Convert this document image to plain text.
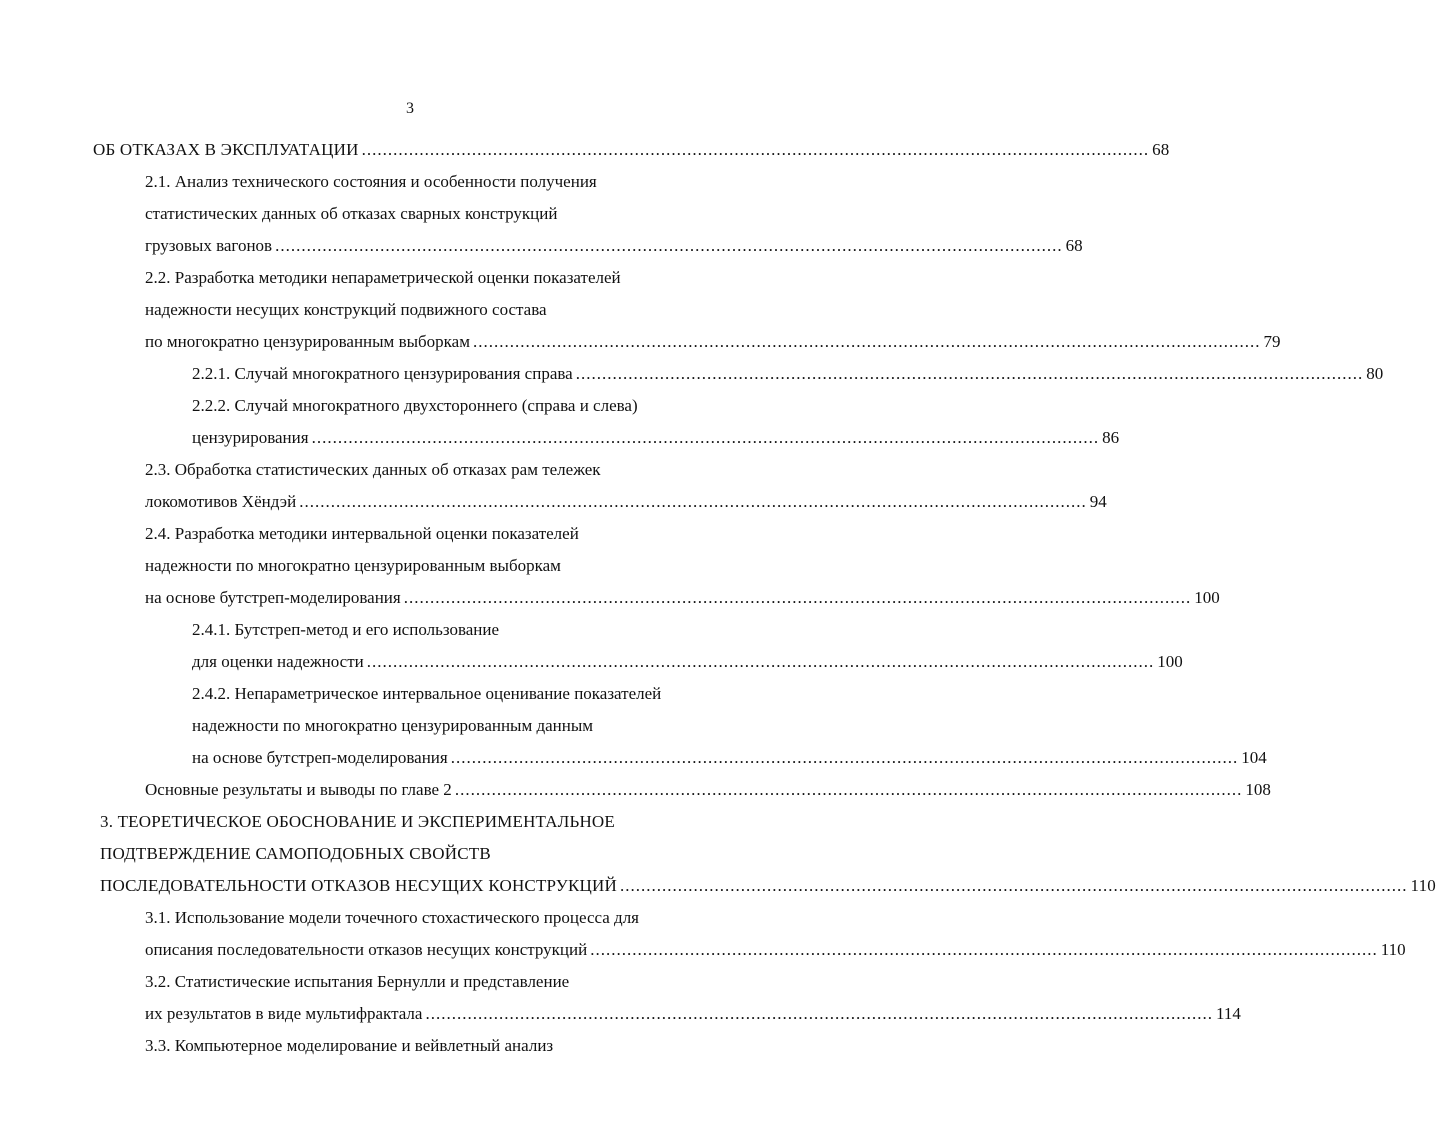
3
ОБ ОТКАЗАХ В ЭКСПЛУАТАЦИИ ...................................................................................................................................................... 68
2.1. Анализ технического состояния и особенности получения
статистических данных об отказах сварных конструкций
грузовых вагонов ...................................................................................................................................................... 68
2.2. Разработка методики непараметрической оценки показателей
надежности несущих конструкций подвижного состава
по многократно цензурированным выборкам ...................................................................................................................................................... 79
2.2.1. Случай многократного цензурирования справа ...................................................................................................................................................... 80
2.2.2. Случай многократного двухстороннего (справа и слева)
цензурирования ...................................................................................................................................................... 86
2.3. Обработка статистических данных об отказах рам тележек
локомотивов Хёндэй ...................................................................................................................................................... 94
2.4. Разработка методики интервальной оценки показателей
надежности по многократно цензурированным выборкам
на основе бутстреп-моделирования ...................................................................................................................................................... 100
2.4.1. Бутстреп-метод и его использование
для оценки надежности ...................................................................................................................................................... 100
2.4.2. Непараметрическое интервальное оценивание показателей
надежности по многократно цензурированным данным
на основе бутстреп-моделирования ...................................................................................................................................................... 104
Основные результаты и выводы по главе 2 ...................................................................................................................................................... 108
3. ТЕОРЕТИЧЕСКОЕ ОБОСНОВАНИЕ И ЭКСПЕРИМЕНТАЛЬНОЕ
ПОДТВЕРЖДЕНИЕ САМОПОДОБНЫХ СВОЙСТВ
ПОСЛЕДОВАТЕЛЬНОСТИ ОТКАЗОВ НЕСУЩИХ КОНСТРУКЦИЙ ...................................................................................................................................................... 110
3.1. Использование модели точечного стохастического процесса для
описания последовательности отказов несущих конструкций ...................................................................................................................................................... 110
3.2. Статистические испытания Бернулли и представление
их результатов в виде мультифрактала ...................................................................................................................................................... 114
3.3. Компьютерное моделирование и вейвлетный анализ
